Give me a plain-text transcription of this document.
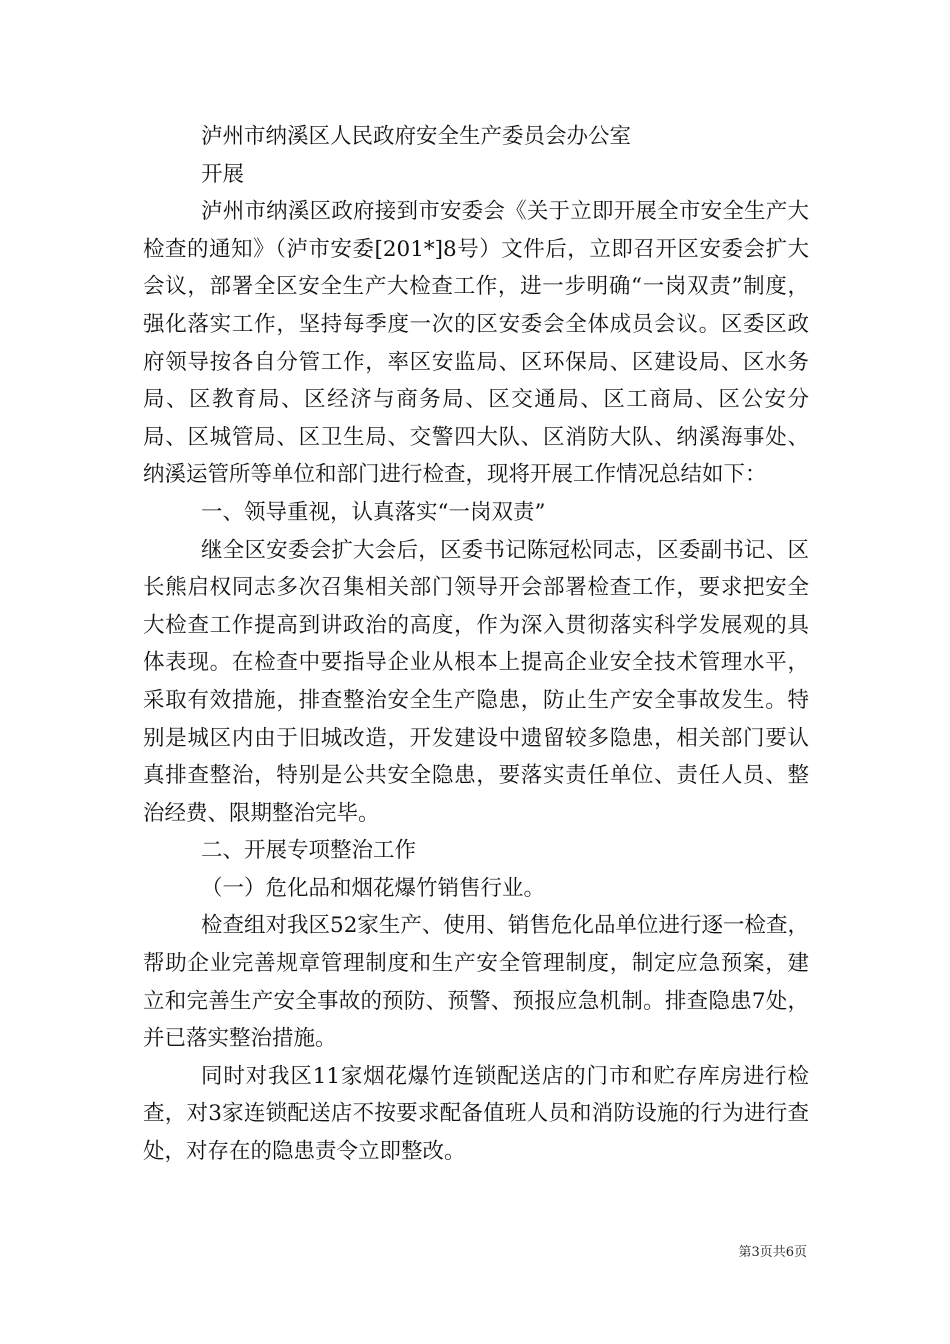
泸州市纳溪区人民政府安全生产委员会办公室

开展

泸州市纳溪区政府接到市安委会《关于立即开展全市安全生产大检查的通知》（泸市安委[201*]8号）文件后，立即召开区安委会扩大会议，部署全区安全生产大检查工作，进一步明确“一岗双责”制度，强化落实工作，坚持每季度一次的区安委会全体成员会议。区委区政府领导按各自分管工作，率区安监局、区环保局、区建设局、区水务局、区教育局、区经济与商务局、区交通局、区工商局、区公安分局、区城管局、区卫生局、交警四大队、区消防大队、纳溪海事处、纳溪运管所等单位和部门进行检查，现将开展工作情况总结如下：

一、领导重视，认真落实“一岗双责”

继全区安委会扩大会后，区委书记陈冠松同志，区委副书记、区长熊启权同志多次召集相关部门领导开会部署检查工作，要求把安全大检查工作提高到讲政治的高度，作为深入贯彻落实科学发展观的具体表现。在检查中要指导企业从根本上提高企业安全技术管理水平，采取有效措施，排查整治安全生产隐患，防止生产安全事故发生。特别是城区内由于旧城改造，开发建设中遗留较多隐患，相关部门要认真排查整治，特别是公共安全隐患，要落实责任单位、责任人员、整治经费、限期整治完毕。

二、开展专项整治工作

（一）危化品和烟花爆竹销售行业。

检查组对我区52家生产、使用、销售危化品单位进行逐一检查，帮助企业完善规章管理制度和生产安全管理制度，制定应急预案，建立和完善生产安全事故的预防、预警、预报应急机制。排查隐患7处，并已落实整治措施。

同时对我区11家烟花爆竹连锁配送店的门市和贮存库房进行检查，对3家连锁配送店不按要求配备值班人员和消防设施的行为进行查处，对存在的隐患责令立即整改。

第3页共6页
